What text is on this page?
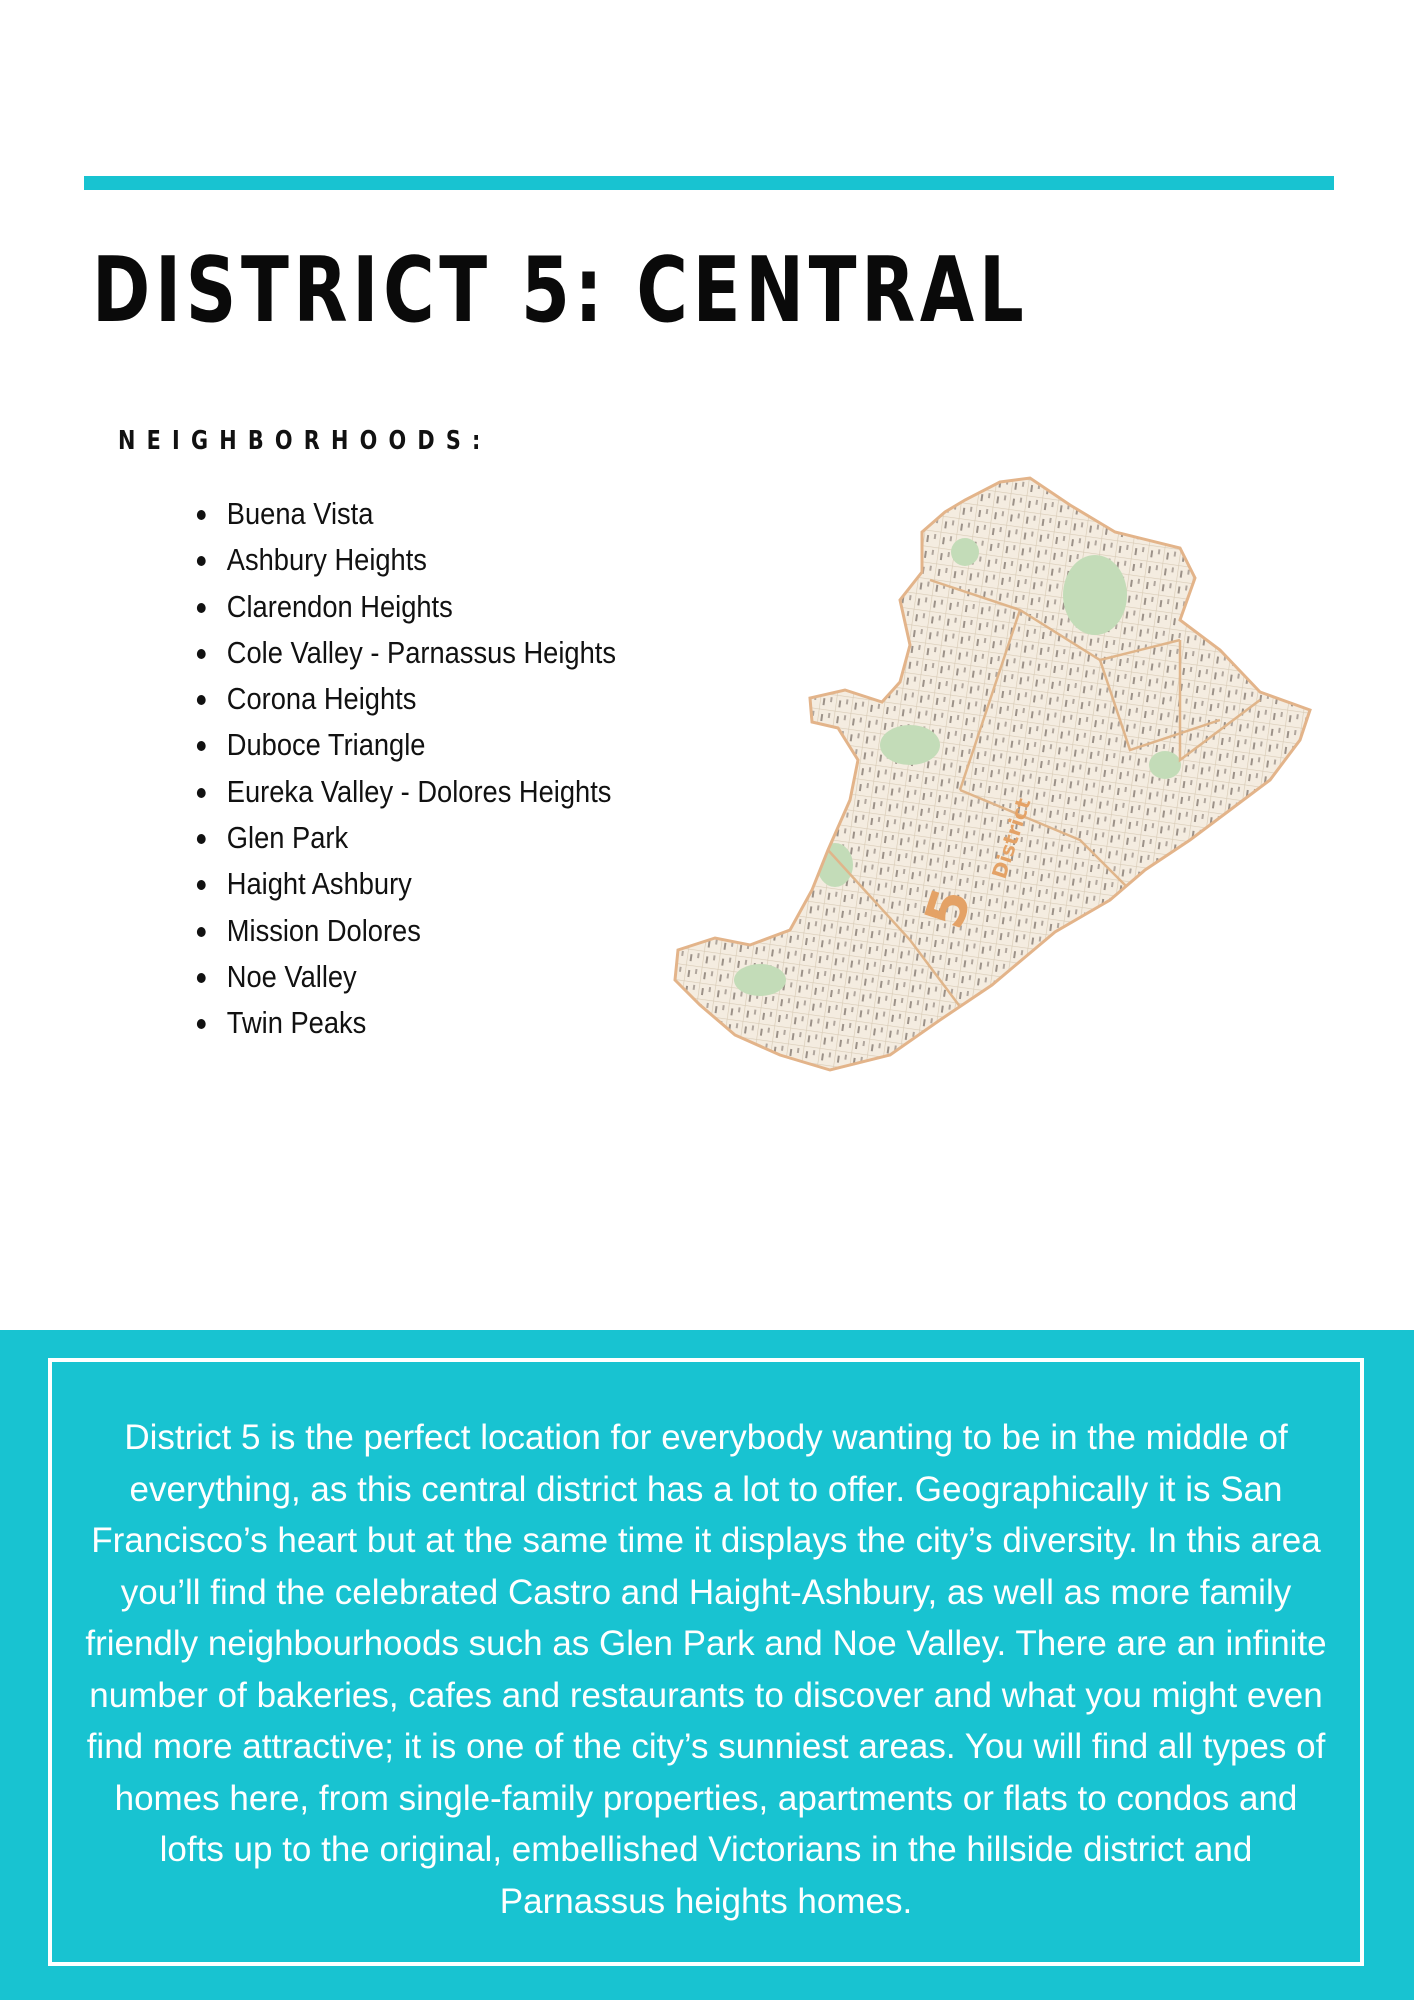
DISTRICT 5: CENTRAL
NEIGHBORHOODS:
Buena Vista
Ashbury Heights
Clarendon Heights
Cole Valley - Parnassus Heights
Corona Heights
Duboce Triangle
Eureka Valley - Dolores Heights
Glen Park
Haight Ashbury
Mission Dolores
Noe Valley
Twin Peaks
5
District

District 5 is the perfect location for everybody wanting to be in the middle of everything, as this central district has a lot to offer. Geographically it is San Francisco’s heart but at the same time it displays the city’s diversity. In this area you’ll find the celebrated Castro and Haight-Ashbury, as well as more family friendly neighbourhoods such as Glen Park and Noe Valley. There are an infinite number of bakeries, cafes and restaurants to discover and what you might even find more attractive; it is one of the city’s sunniest areas. You will find all types of homes here, from single-family properties, apartments or flats to condos and lofts up to the original, embellished Victorians in the hillside district and Parnassus heights homes.
